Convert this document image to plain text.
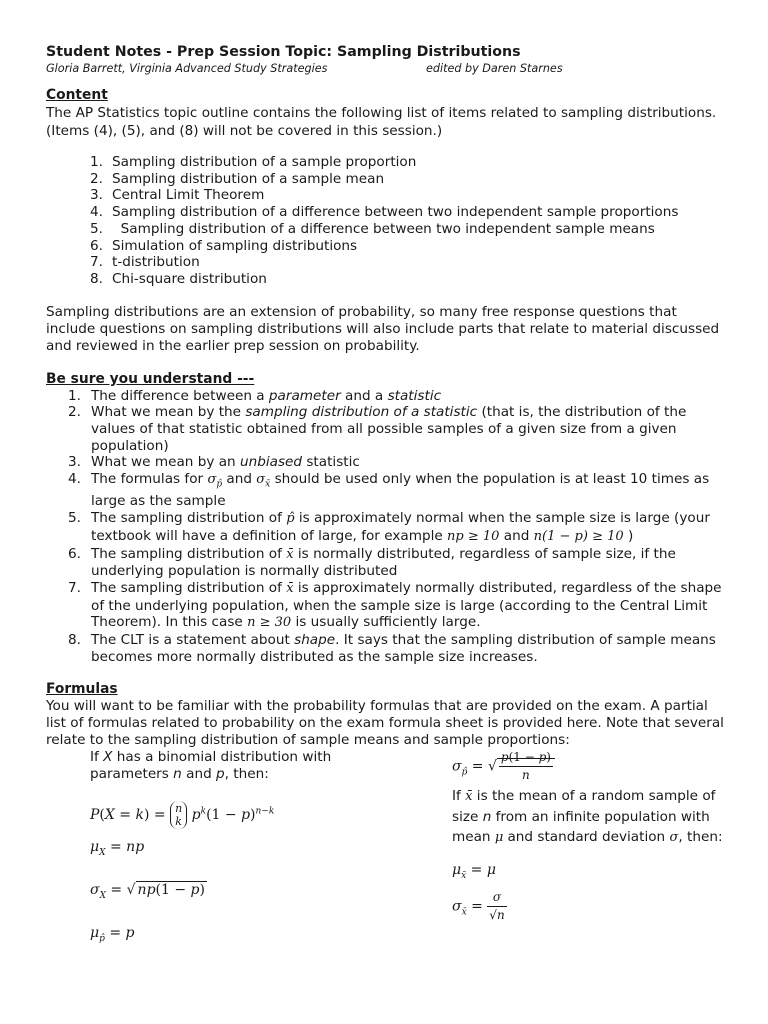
Student Notes - Prep Session Topic: Sampling Distributions

Gloria Barrett, Virginia Advanced Study Strategies	edited by Daren Starnes

Content

The AP Statistics topic outline contains the following list of items related to sampling distributions. (Items (4), (5), and (8) will not be covered in this session.)

1. Sampling distribution of a sample proportion
2. Sampling distribution of a sample mean
3. Central Limit Theorem
4. Sampling distribution of a difference between two independent sample proportions
5. Sampling distribution of a difference between two independent sample means
6. Simulation of sampling distributions
7. t-distribution
8. Chi-square distribution

Sampling distributions are an extension of probability, so many free response questions that include questions on sampling distributions will also include parts that relate to material discussed and reviewed in the earlier prep session on probability.

Be sure you understand ---
1. The difference between a parameter and a statistic
2. What we mean by the sampling distribution of a statistic (that is, the distribution of the values of that statistic obtained from all possible samples of a given size from a given population)
3. What we mean by an unbiased statistic
4. The formulas for $\sigma_{p̂}$ and $\sigma_{x̄}$ should be used only when the population is at least 10 times as large as the sample
5. The sampling distribution of p̂ is approximately normal when the sample size is large (your textbook will have a definition of large, for example np ≥ 10 and n(1 − p) ≥ 10 )
6. The sampling distribution of x̄ is normally distributed, regardless of sample size, if the underlying population is normally distributed
7. The sampling distribution of x̄ is approximately normally distributed, regardless of the shape of the underlying population, when the sample size is large (according to the Central Limit Theorem). In this case n ≥ 30 is usually sufficiently large.
8. The CLT is a statement about shape. It says that the sampling distribution of sample means becomes more normally distributed as the sample size increases.
Formulas

You will want to be familiar with the probability formulas that are provided on the exam. A partial list of formulas related to probability on the exam formula sheet is provided here. Note that several relate to the sampling distribution of sample means and sample proportions:

If X has a binomial distribution with parameters n and p, then:

P(X = k) = n
k $p^k(1 - p)^{n-k}$
$\mu_X$ = np
$\sigma_X$ = √ np(1 − p)
$\mu_{p̂} = p$
$\sigma_{p̂}$ = √ $\frac{p(1 - p)}{n}$

If x̄ is the mean of a random sample of size n from an infinite population with mean μ and standard deviation σ, then:

$\mu_{x̄} = \mu$
$\sigma_{x̄} = \frac{\sigma}{√n}$
